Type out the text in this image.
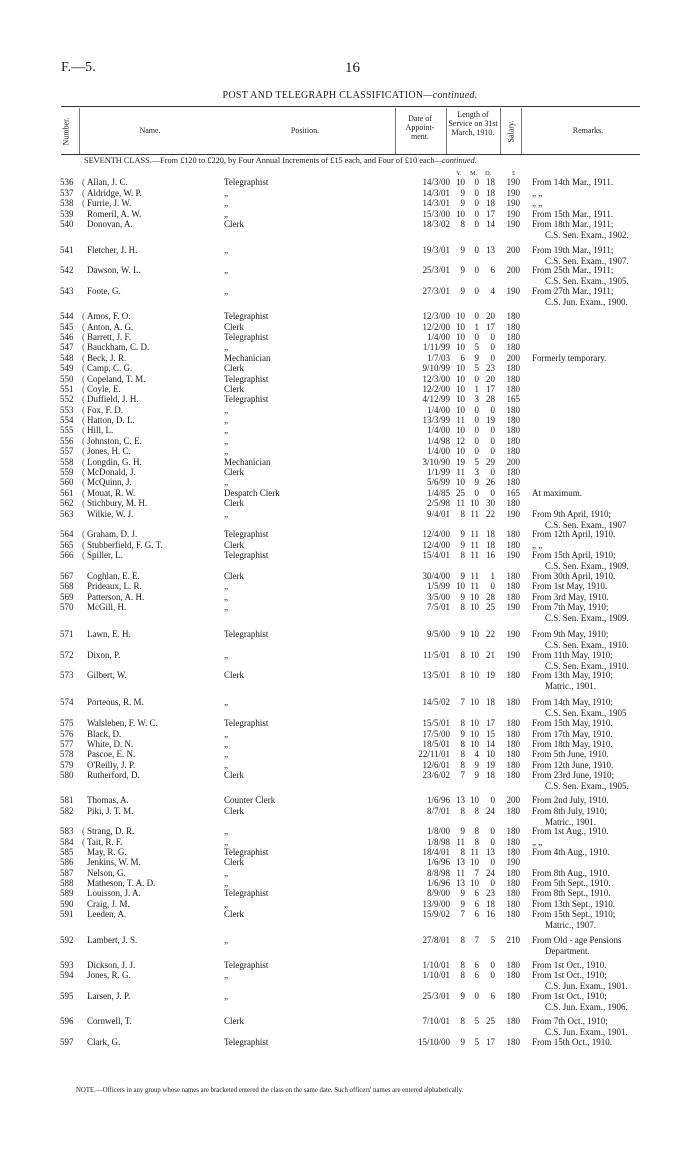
F.—5.	16
POST AND TELEGRAPH CLASSIFICATION—continued.
Number.	Name.	Position.
Date of Appoint- ment.
Length of Service on 31st March, 1910.	Salary.	Remarks.
SEVENTH CLASS.—From £120 to £220, by Four Annual Increments of £15 each, and Four of £10 each—continued.
Y. M. D.	£
536	Allan, J. C.	Telegraphist	14/3/00 10	0 18	190 From 14th Mar., 1911.
(
537	Aldridge, W. P.	„	14/3/01	9	0 18	190 „ „
(
538	Furrie, J. W.	„	14/3/01	9	0 18	190 „ „
(
539	Romeril, A. W.	„	15/3/00 10	0 17	190 From 15th Mar., 1911.
540	Donovan, A.	Clerk	18/3/02	8	0 14	190 From 18th Mar., 1911;
C.S. Sen. Exam., 1902.
541	Fletcher, J. H.	„	19/3/01	9	0 13	200 From 19th Mar., 1911;
C.S. Sen. Exam., 1907.
542	Dawson, W. L.	„	25/3/01	9	0	6	200 From 25th Mar., 1911;
C.S. Sen. Exam., 1905.
543	Foote, G.	„	27/3/01	9	0	4	190 From 27th Mar., 1911;
C.S. Jun. Exam., 1900.
544	Amos, F. O.	Telegraphist	12/3/00 10	0 20	180
(
545	Anton, A. G.	Clerk	12/2/00 10	1 17	180
(
546	Barrett, J. F.	Telegraphist	1/4/00 10	0	0	180
(
547	Bauckham, C. D.	„	1/11/99 10	5	0	180
(
548	Beck, J. R.	Mechanician	1/7/03	6	9	0	200 Formerly temporary.
(
549	Camp, C. G.	Clerk	9/10/99 10	5 23	180
(
550	Copeland, T. M.	Telegraphist	12/3/00 10	0 20	180
(
551	Coyle, E.	Clerk	12/2/00 10	1 17	180
(
552	Duffield, J. H.	Telegraphist	4/12/99 10	3 28	165
(
553	Fox, F. D.	„	1/4/00 10	0	0	180
(
554	Hatton, D. L.	„	13/3/99 11	0 19	180
(
555	Hill, L.	„	1/4/00 10	0	0	180
(
556	Johnston, C. E.	„	1/4/98 12	0	0	180
(
557	Jones, H. C.	„	1/4/00 10	0	0	180
(
558	Longdin, G. H.	Mechanician	3/10/90 19	5 29	200
(
559	McDonald, J.	Clerk	1/1/99 11	3	0	180
(
560	McQuinn, J.	„	5/6/99 10	9 26	180
(
561	Mouat, R. W.	Despatch Clerk	1/4/85 25	0	0	165 At maximum.
(
562	Stichbury, M. H.	Clerk	2/5/98 11 10 30	180
(
563	Wilkie, W. J.	„	9/4/01	8 11 22	190 From 9th April, 1910;
C.S. Sen. Exam., 1907
564	Graham, D. J.	Telegraphist	12/4/00	9 11 18	180 From 12th April, 1910.
(
565	Stubberfield, F. G. T.	Clerk	12/4/00	9 11 18	180 „ „
(
566	Spiller, L.	Telegraphist	15/4/01	8 11 16	190 From 15th April, 1910;
(
C.S. Sen. Exam., 1909.
567	Coghlan, E. E.	Clerk	30/4/00	9 11	1	180 From 30th April, 1910.
568	Prideaux, L. R.	„	1/5/99 10 11	0	180 From 1st May, 1910.
569	Patterson, A. H.	„	3/5/00	9 10 28	180 From 3rd May, 1910.
570	McGill, H.	„	7/5/01	8 10 25	190 From 7th May, 1910;
C.S. Sen. Exam., 1909.
571	Lawn, E. H.	Telegraphist	9/5/00	9 10 22	190 From 9th May, 1910;
C.S. Sen. Exam., 1910.
572	Dixon, P.	„	11/5/01	8 10 21	190 From 11th May, 1910;
C.S. Sen. Exam., 1910.
573	Gilbert, W.	Clerk	13/5/01	8 10 19	180 From 13th May, 1910;
Matric., 1901.
574	Porteous, R. M.	„	14/5/02	7 10 18	180 From 14th May, 1910;
C.S. Sen. Exam., 1905
575	Walsleben, F. W. C.	Telegraphist	15/5/01	8 10 17	180 From 15th May, 1910.
576	Black, D.	„	17/5/00	9 10 15	180 From 17th May, 1910.
577	White, D. N.	„	18/5/01	8 10 14	180 From 18th May, 1910.
578	Pascoe, E. N.	„	22/11/01	8	4 10	180 From 5th June, 1910.
579	O'Reilly, J. P.	„	12/6/01	8	9 19	180 From 12th June, 1910.
580	Rutherford, D.	Clerk	23/6/02	7	9 18	180 From 23rd June, 1910;
C.S. Sen. Exam., 1905.
581	Thomas, A.	Counter Clerk	1/6/96 13 10	0	200 From 2nd July, 1910.
582	Piki, J. T. M.	Clerk	8/7/01	8	8 24	180 From 8th July, 1910;
Matric., 1901.
583	Strang, D. R.	„	1/8/00	9	8	0	180 From 1st Aug., 1910.
(
584	Tait, R. F.	„	1/8/98 11	8	0	180 „ „
(
585	May, R. G.	Telegraphist	18/4/01	8 11 13	180 From 4th Aug., 1910.
586	Jenkins, W. M.	Clerk	1/6/96 13 10	0	190
587	Nelson, G.	„	8/8/98 11	7 24	180 From 8th Aug., 1910.
588	Matheson, T. A. D.	„	1/6/96 13 10	0	180 From 5th Sept., 1910.
589	Louisson, J. A.	Telegraphist	8/9/00	9	6 23	180 From 8th Sept., 1910.
590	Craig, J. M.	„	13/9/00	9	6 18	180 From 13th Sept., 1910.
591	Leeden, A.	Clerk	15/9/02	7	6 16	180 From 15th Sept., 1910;
Matric., 1907.
592	Lambert, J. S.	„	27/8/01	8	7	5	210 From Old - age Pensions
Department.
593	Dickson, J. J.	Telegraphist	1/10/01	8	6	0	180 From 1st Oct., 1910.
594	Jones, R. G.	„	1/10/01	8	6	0	180 From 1st Oct., 1910;
C.S. Jun. Exam., 1901.
595	Larsen, J. P.	„	25/3/01	9	0	6	180 From 1st Oct., 1910;
C.S. Jun. Exam., 1906.
596	Cornwell, T.	Clerk	7/10/01	8	5 25	180 From 7th Oct., 1910;
C.S. Jun. Exam., 1901.
597	Clark, G.	Telegraphist	15/10/00	9	5 17	180 From 15th Oct., 1910.
NOTE.—Officers in any group whose names are bracketed entered the class on the same date. Such officers' names are entered alphabetically.
